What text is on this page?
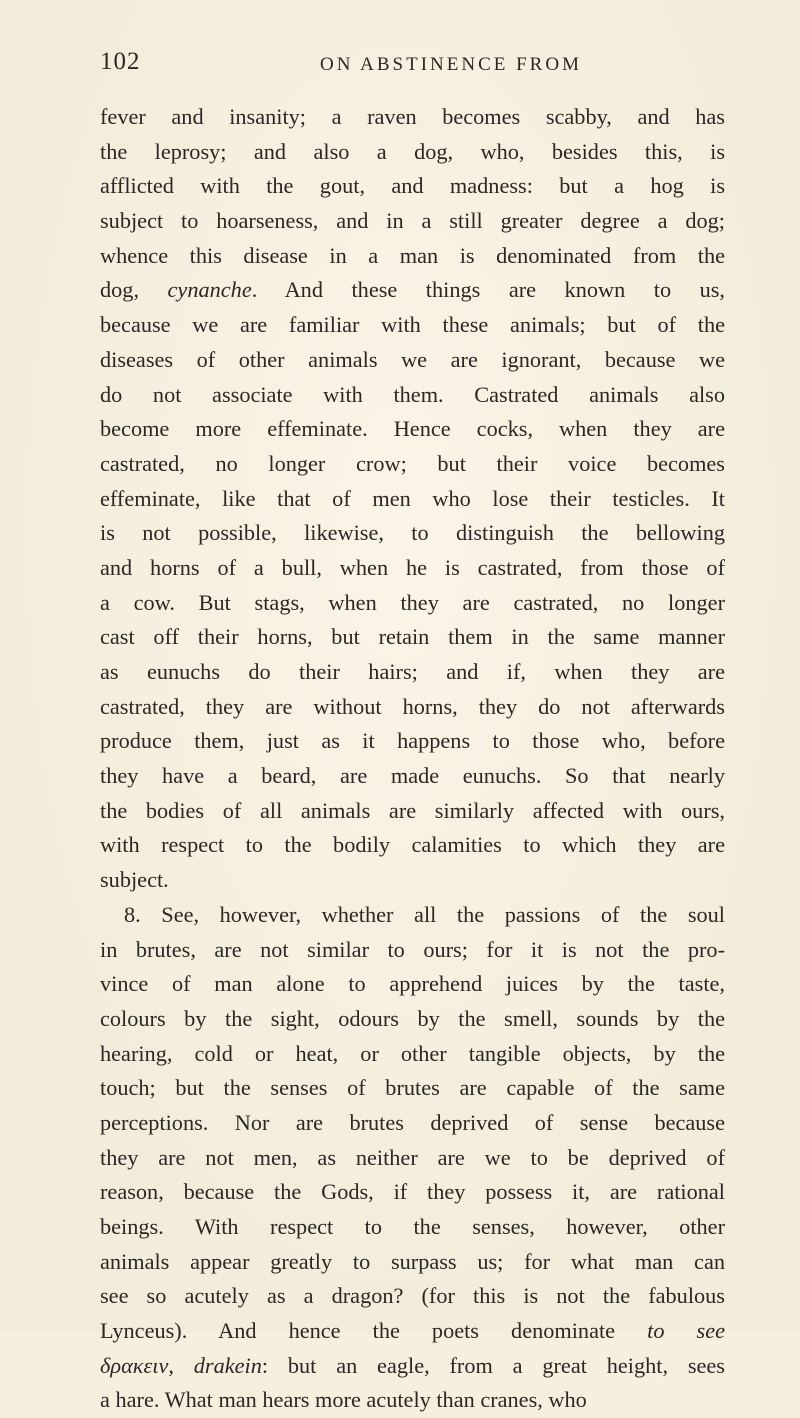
102	ON ABSTINENCE FROM
fever and insanity; a raven becomes scabby, and has
the leprosy; and also a dog, who, besides this, is
afflicted with the gout, and madness: but a hog is
subject to hoarseness, and in a still greater degree a dog;
whence this disease in a man is denominated from the
dog, cynanche. And these things are known to us,
because we are familiar with these animals; but of the
diseases of other animals we are ignorant, because we
do not associate with them. Castrated animals also
become more effeminate. Hence cocks, when they are
castrated, no longer crow; but their voice becomes
effeminate, like that of men who lose their testicles. It
is not possible, likewise, to distinguish the bellowing
and horns of a bull, when he is castrated, from those of
a cow. But stags, when they are castrated, no longer
cast off their horns, but retain them in the same manner
as eunuchs do their hairs; and if, when they are
castrated, they are without horns, they do not afterwards
produce them, just as it happens to those who, before
they have a beard, are made eunuchs. So that nearly
the bodies of all animals are similarly affected with ours,
with respect to the bodily calamities to which they are
subject.
8. See, however, whether all the passions of the soul
in brutes, are not similar to ours; for it is not the pro-
vince of man alone to apprehend juices by the taste,
colours by the sight, odours by the smell, sounds by the
hearing, cold or heat, or other tangible objects, by the
touch; but the senses of brutes are capable of the same
perceptions. Nor are brutes deprived of sense because
they are not men, as neither are we to be deprived of
reason, because the Gods, if they possess it, are rational
beings. With respect to the senses, however, other
animals appear greatly to surpass us; for what man can
see so acutely as a dragon? (for this is not the fabulous
Lynceus). And hence the poets denominate to see
δρακειν, drakein: but an eagle, from a great height, sees
a hare. What man hears more acutely than cranes, who
